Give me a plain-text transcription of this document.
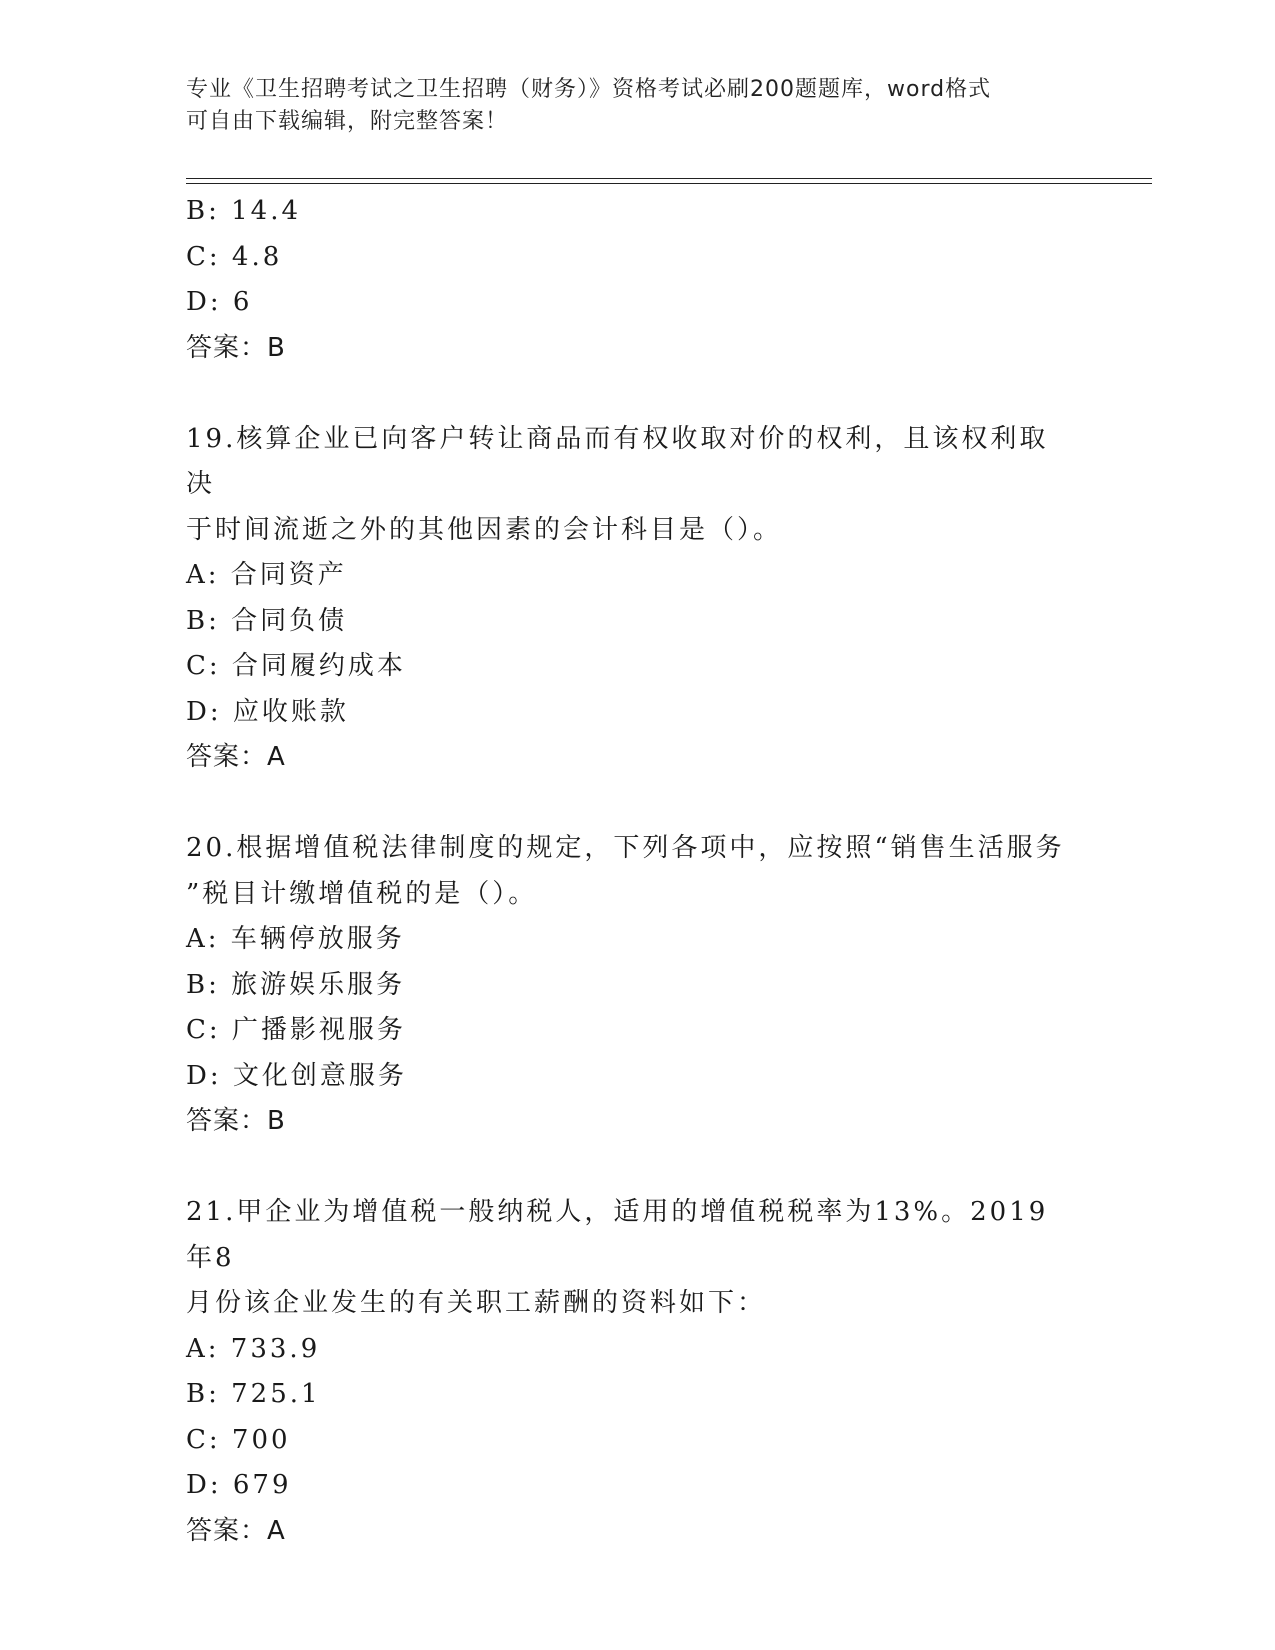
专业《卫生招聘考试之卫生招聘（财务）》资格考试必刷200题题库，word格式

可自由下载编辑，附完整答案！

B: 14.4

C: 4.8

D: 6

答案：B

19.核算企业已向客户转让商品而有权收取对价的权利，且该权利取决

于时间流逝之外的其他因素的会计科目是（）。

A: 合同资产

B: 合同负债

C: 合同履约成本

D: 应收账款

答案：A

20.根据增值税法律制度的规定，下列各项中，应按照“销售生活服务

”税目计缴增值税的是（）。

A: 车辆停放服务

B: 旅游娱乐服务

C: 广播影视服务

D: 文化创意服务

答案：B

21.甲企业为增值税一般纳税人，适用的增值税税率为13%。2019年8

月份该企业发生的有关职工薪酬的资料如下：

A: 733.9

B: 725.1

C: 700

D: 679

答案：A
